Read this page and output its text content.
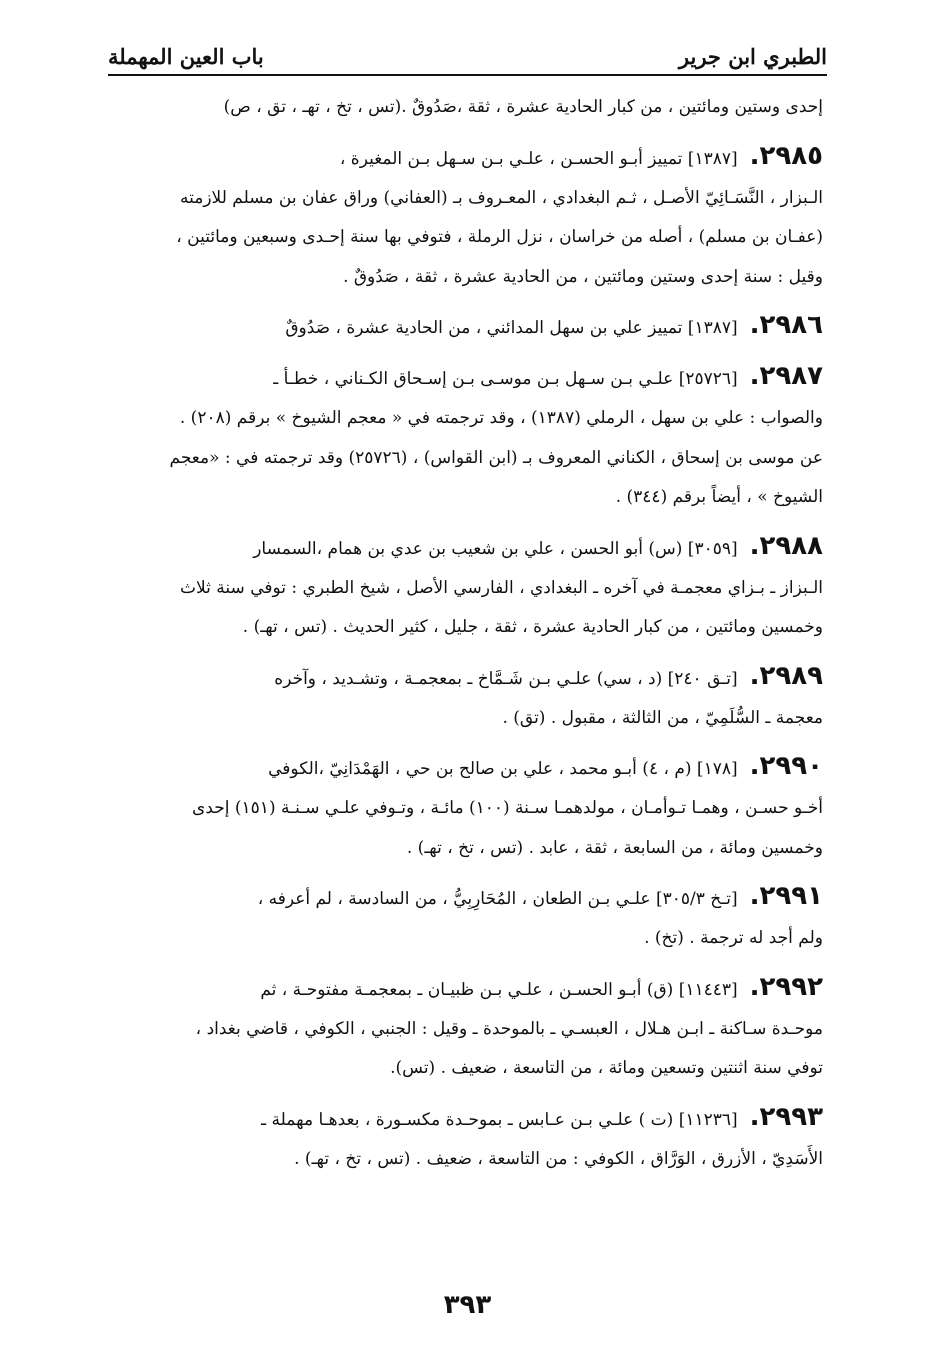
الطبري ابن جرير
باب العين المهملة
إحدى وستين ومائتين ، من كبار الحادية عشرة ، ثقة ،صَدُوقٌ .(تس ، تخ ، تهـ ، تق ، ص)
٢٩٨٥.[١٣٨٧] تمييز أبـو الحسـن ، علـي بـن سـهل بـن المغيرة ،
الـبزار ، النَّسَـائِيّ الأصـل ، ثـم البغدادي ، المعـروف بـ (العفاني) وراق عفان بن مسلم للازمته
(عفـان بن مسلم) ، أصله من خراسان ، نزل الرملة ، فتوفي بها سنة إحـدى وسبعين ومائتين ،
وقيل : سنة إحدى وستين ومائتين ، من الحادية عشرة ، ثقة ، صَدُوقٌ .
٢٩٨٦.[١٣٨٧] تمييز علي بن سهل المدائني ، من الحادية عشرة ، صَدُوقٌ
٢٩٨٧.[٢٥٧٢٦] علـي بـن سـهل بـن موسـى بـن إسـحاق الكـناني ، خطـأ ـ
والصواب : علي بن سهل ، الرملي (١٣٨٧) ، وقد ترجمته في « معجم الشيوخ » برقم (٢٠٨) .
عن موسى بن إسحاق ، الكناني المعروف بـ (ابن القواس) ، (٢٥٧٢٦) وقد ترجمته في : «معجم
الشيوخ » ، أيضاً برقم (٣٤٤) .
٢٩٨٨.[٣٠٥٩] (س) أبو الحسن ، علي بن شعيب بن عدي بن همام ،السمسار
الـبزاز ـ بـزاي معجمـة في آخره ـ البغدادي ، الفارسي الأصل ، شيخ الطبري : توفي سنة ثلاث
وخمسين ومائتين ، من كبار الحادية عشرة ، ثقة ، جليل ، كثير الحديث . (تس ، تهـ) .
٢٩٨٩.[تـق ٢٤٠] (د ، سي) علـي بـن شَـمَّاخ ـ بمعجمـة ، وتشـديد ، وآخره
معجمة ـ السُّلَمِيّ ، من الثالثة ، مقبول . (تق) .
٢٩٩٠.[١٧٨] (م ، ٤) أبـو محمد ، علي بن صالح بن حي ، الهَمْدَانِيّ ،الكوفي
أخـو حسـن ، وهمـا تـوأمـان ، مولدهمـا سـنة (١٠٠) مائـة ، وتـوفي علـي سـنـة (١٥١) إحدى
وخمسين ومائة ، من السابعة ، ثقة ، عابد . (تس ، تخ ، تهـ) .
٢٩٩١.[تـخ ٣٠٥/٣] علـي بـن الطعان ، المُحَارِبِيُّ ، من السادسة ، لم أعرفه ،
ولم أجد له ترجمة . (تخ) .
٢٩٩٢.[١١٤٤٣] (ق) أبـو الحسـن ، علـي بـن ظبيـان ـ بمعجمـة مفتوحـة ، ثم
موحـدة سـاكنة ـ ابـن هـلال ، العبسـي ـ بالموحدة ـ وقيل : الجنبي ، الكوفي ، قاضي بغداد ،
توفي سنة اثنتين وتسعين ومائة ، من التاسعة ، ضعيف . (تس).
٢٩٩٣.[١١٢٣٦] (ت ) علـي بـن عـابس ـ بموحـدة مكسـورة ، بعدهـا مهملة ـ
الأَسَدِيّ ، الأزرق ، الوَرَّاق ، الكوفي : من التاسعة ، ضعيف . (تس ، تخ ، تهـ) .
٣٩٣
